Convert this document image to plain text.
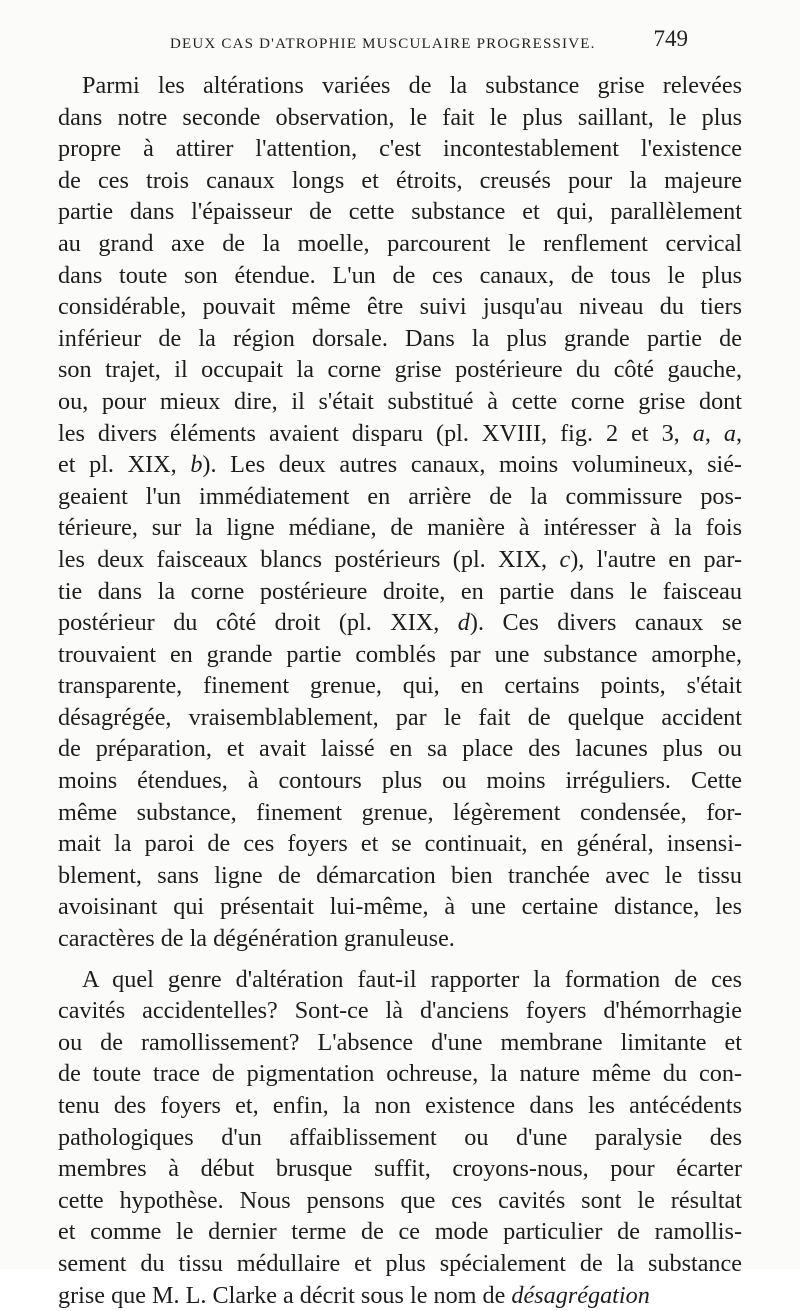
DEUX CAS D'ATROPHIE MUSCULAIRE PROGRESSIVE.	749

Parmi les altérations variées de la substance grise relevées
dans notre seconde observation, le fait le plus saillant, le plus
propre à attirer l'attention, c'est incontestablement l'existence
de ces trois canaux longs et étroits, creusés pour la majeure
partie dans l'épaisseur de cette substance et qui, parallèlement
au grand axe de la moelle, parcourent le renflement cervical
dans toute son étendue. L'un de ces canaux, de tous le plus
considérable, pouvait même être suivi jusqu'au niveau du tiers
inférieur de la région dorsale. Dans la plus grande partie de
son trajet, il occupait la corne grise postérieure du côté gauche,
ou, pour mieux dire, il s'était substitué à cette corne grise dont
les divers éléments avaient disparu (pl. XVIII, fig. 2 et 3, a, a,
et pl. XIX, b). Les deux autres canaux, moins volumineux, sié-
geaient l'un immédiatement en arrière de la commissure pos-
térieure, sur la ligne médiane, de manière à intéresser à la fois
les deux faisceaux blancs postérieurs (pl. XIX, c), l'autre en par-
tie dans la corne postérieure droite, en partie dans le faisceau
postérieur du côté droit (pl. XIX, d). Ces divers canaux se
trouvaient en grande partie comblés par une substance amorphe,
transparente, finement grenue, qui, en certains points, s'était
désagrégée, vraisemblablement, par le fait de quelque accident
de préparation, et avait laissé en sa place des lacunes plus ou
moins étendues, à contours plus ou moins irréguliers. Cette
même substance, finement grenue, légèrement condensée, for-
mait la paroi de ces foyers et se continuait, en général, insensi-
blement, sans ligne de démarcation bien tranchée avec le tissu
avoisinant qui présentait lui-même, à une certaine distance, les
caractères de la dégénération granuleuse.

A quel genre d'altération faut-il rapporter la formation de ces
cavités accidentelles? Sont-ce là d'anciens foyers d'hémorrhagie
ou de ramollissement? L'absence d'une membrane limitante et
de toute trace de pigmentation ochreuse, la nature même du con-
tenu des foyers et, enfin, la non existence dans les antécédents
pathologiques d'un affaiblissement ou d'une paralysie des
membres à début brusque suffit, croyons-nous, pour écarter
cette hypothèse. Nous pensons que ces cavités sont le résultat
et comme le dernier terme de ce mode particulier de ramollis-
sement du tissu médullaire et plus spécialement de la substance
grise que M. L. Clarke a décrit sous le nom de désagrégation
